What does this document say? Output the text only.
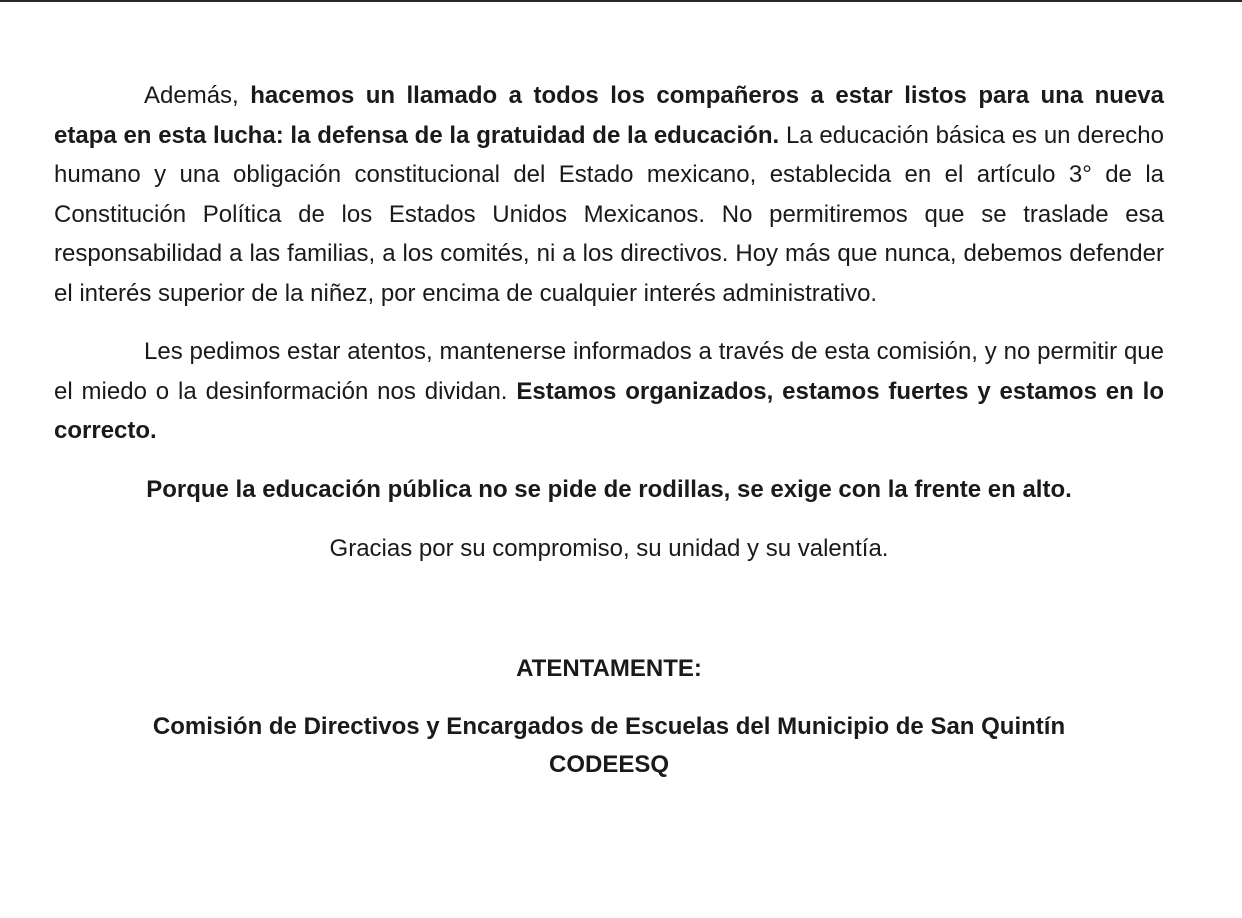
Además, hacemos un llamado a todos los compañeros a estar listos para una nueva etapa en esta lucha: la defensa de la gratuidad de la educación. La educación básica es un derecho humano y una obligación constitucional del Estado mexicano, establecida en el artículo 3° de la Constitución Política de los Estados Unidos Mexicanos. No permitiremos que se traslade esa responsabilidad a las familias, a los comités, ni a los directivos. Hoy más que nunca, debemos defender el interés superior de la niñez, por encima de cualquier interés administrativo.

Les pedimos estar atentos, mantenerse informados a través de esta comisión, y no permitir que el miedo o la desinformación nos dividan. Estamos organizados, estamos fuertes y estamos en lo correcto.

Porque la educación pública no se pide de rodillas, se exige con la frente en alto.

Gracias por su compromiso, su unidad y su valentía.

ATENTAMENTE:

Comisión de Directivos y Encargados de Escuelas del Municipio de San Quintín
CODEESQ
